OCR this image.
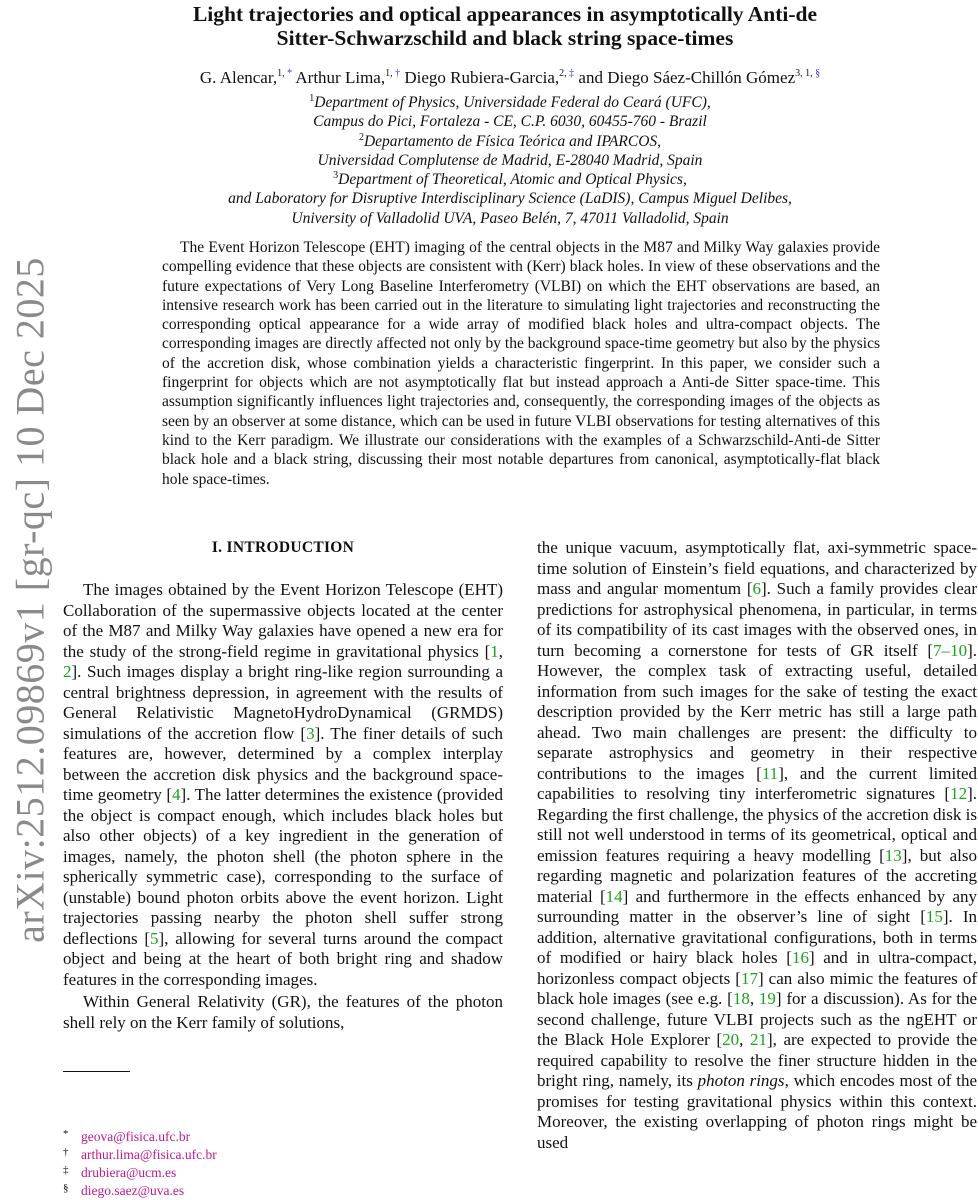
arXiv:2512.09869v1 [gr-qc] 10 Dec 2025
Light trajectories and optical appearances in asymptotically Anti-de
Sitter-Schwarzschild and black string space-times
G. Alencar,$^{1, *}$ Arthur Lima,$^{1, \dagger}$ Diego Rubiera-Garcia,$^{2, \ddagger}$ and Diego Sáez-Chillón Gómez$^{3, 1, \S}$
$^1$Department of Physics, Universidade Federal do Ceará (UFC),
Campus do Pici, Fortaleza - CE, C.P. 6030, 60455-760 - Brazil
$^2$Departamento de Física Teórica and IPARCOS,
Universidad Complutense de Madrid, E-28040 Madrid, Spain
$^3$Department of Theoretical, Atomic and Optical Physics,
and Laboratory for Disruptive Interdisciplinary Science (LaDIS), Campus Miguel Delibes,
University of Valladolid UVA, Paseo Belén, 7, 47011 Valladolid, Spain

The Event Horizon Telescope (EHT) imaging of the central objects in the M87 and Milky Way galaxies provide compelling evidence that these objects are consistent with (Kerr) black holes. In view of these observations and the future expectations of Very Long Baseline Interferometry (VLBI) on which the EHT observations are based, an intensive research work has been carried out in the literature to simulating light trajectories and reconstructing the corresponding optical appearance for a wide array of modified black holes and ultra-compact objects. The corresponding images are directly affected not only by the background space-time geometry but also by the physics of the accretion disk, whose combination yields a characteristic fingerprint. In this paper, we consider such a fingerprint for objects which are not asymptotically flat but instead approach a Anti-de Sitter space-time. This assumption significantly influences light trajectories and, consequently, the corresponding images of the objects as seen by an observer at some distance, which can be used in future VLBI observations for testing alternatives of this kind to the Kerr paradigm. We illustrate our considerations with the examples of a Schwarzschild-Anti-de Sitter black hole and a black string, discussing their most notable departures from canonical, asymptotically-flat black hole space-times.

I. INTRODUCTION

The images obtained by the Event Horizon Telescope (EHT) Collaboration of the supermassive objects located at the center of the M87 and Milky Way galaxies have opened a new era for the study of the strong-field regime in gravitational physics [1, 2]. Such images display a bright ring-like region surrounding a central brightness depression, in agreement with the results of General Relativistic MagnetoHydroDynamical (GRMDS) simulations of the accretion flow [3]. The finer details of such features are, however, determined by a complex interplay between the accretion disk physics and the background space-time geometry [4]. The latter determines the existence (provided the object is compact enough, which includes black holes but also other objects) of a key ingredient in the generation of images, namely, the photon shell (the photon sphere in the spherically symmetric case), corresponding to the surface of (unstable) bound photon orbits above the event horizon. Light trajectories passing nearby the photon shell suffer strong deflections [5], allowing for several turns around the compact object and being at the heart of both bright ring and shadow features in the corresponding images.

Within General Relativity (GR), the features of the photon shell rely on the Kerr family of solutions,

the unique vacuum, asymptotically flat, axi-symmetric space-time solution of Einstein’s field equations, and characterized by mass and angular momentum [6]. Such a family provides clear predictions for astrophysical phenomena, in particular, in terms of its compatibility of its cast images with the observed ones, in turn becoming a cornerstone for tests of GR itself [7–10]. However, the complex task of extracting useful, detailed information from such images for the sake of testing the exact description provided by the Kerr metric has still a large path ahead. Two main challenges are present: the difficulty to separate astrophysics and geometry in their respective contributions to the images [11], and the current limited capabilities to resolving tiny interferometric signatures [12]. Regarding the first challenge, the physics of the accretion disk is still not well understood in terms of its geometrical, optical and emission features requiring a heavy modelling [13], but also regarding magnetic and polarization features of the accreting material [14] and furthermore in the effects enhanced by any surrounding matter in the observer’s line of sight [15]. In addition, alternative gravitational configurations, both in terms of modified or hairy black holes [16] and in ultra-compact, horizonless compact objects [17] can also mimic the features of black hole images (see e.g. [18, 19] for a discussion). As for the second challenge, future VLBI projects such as the ngEHT or the Black Hole Explorer [20, 21], are expected to provide the required capability to resolve the finer structure hidden in the bright ring, namely, its photon rings, which encodes most of the promises for testing gravitational physics within this context. Moreover, the existing overlapping of photon rings might be used

* geova@fisica.ufc.br
† arthur.lima@fisica.ufc.br
‡ drubiera@ucm.es
§ diego.saez@uva.es
